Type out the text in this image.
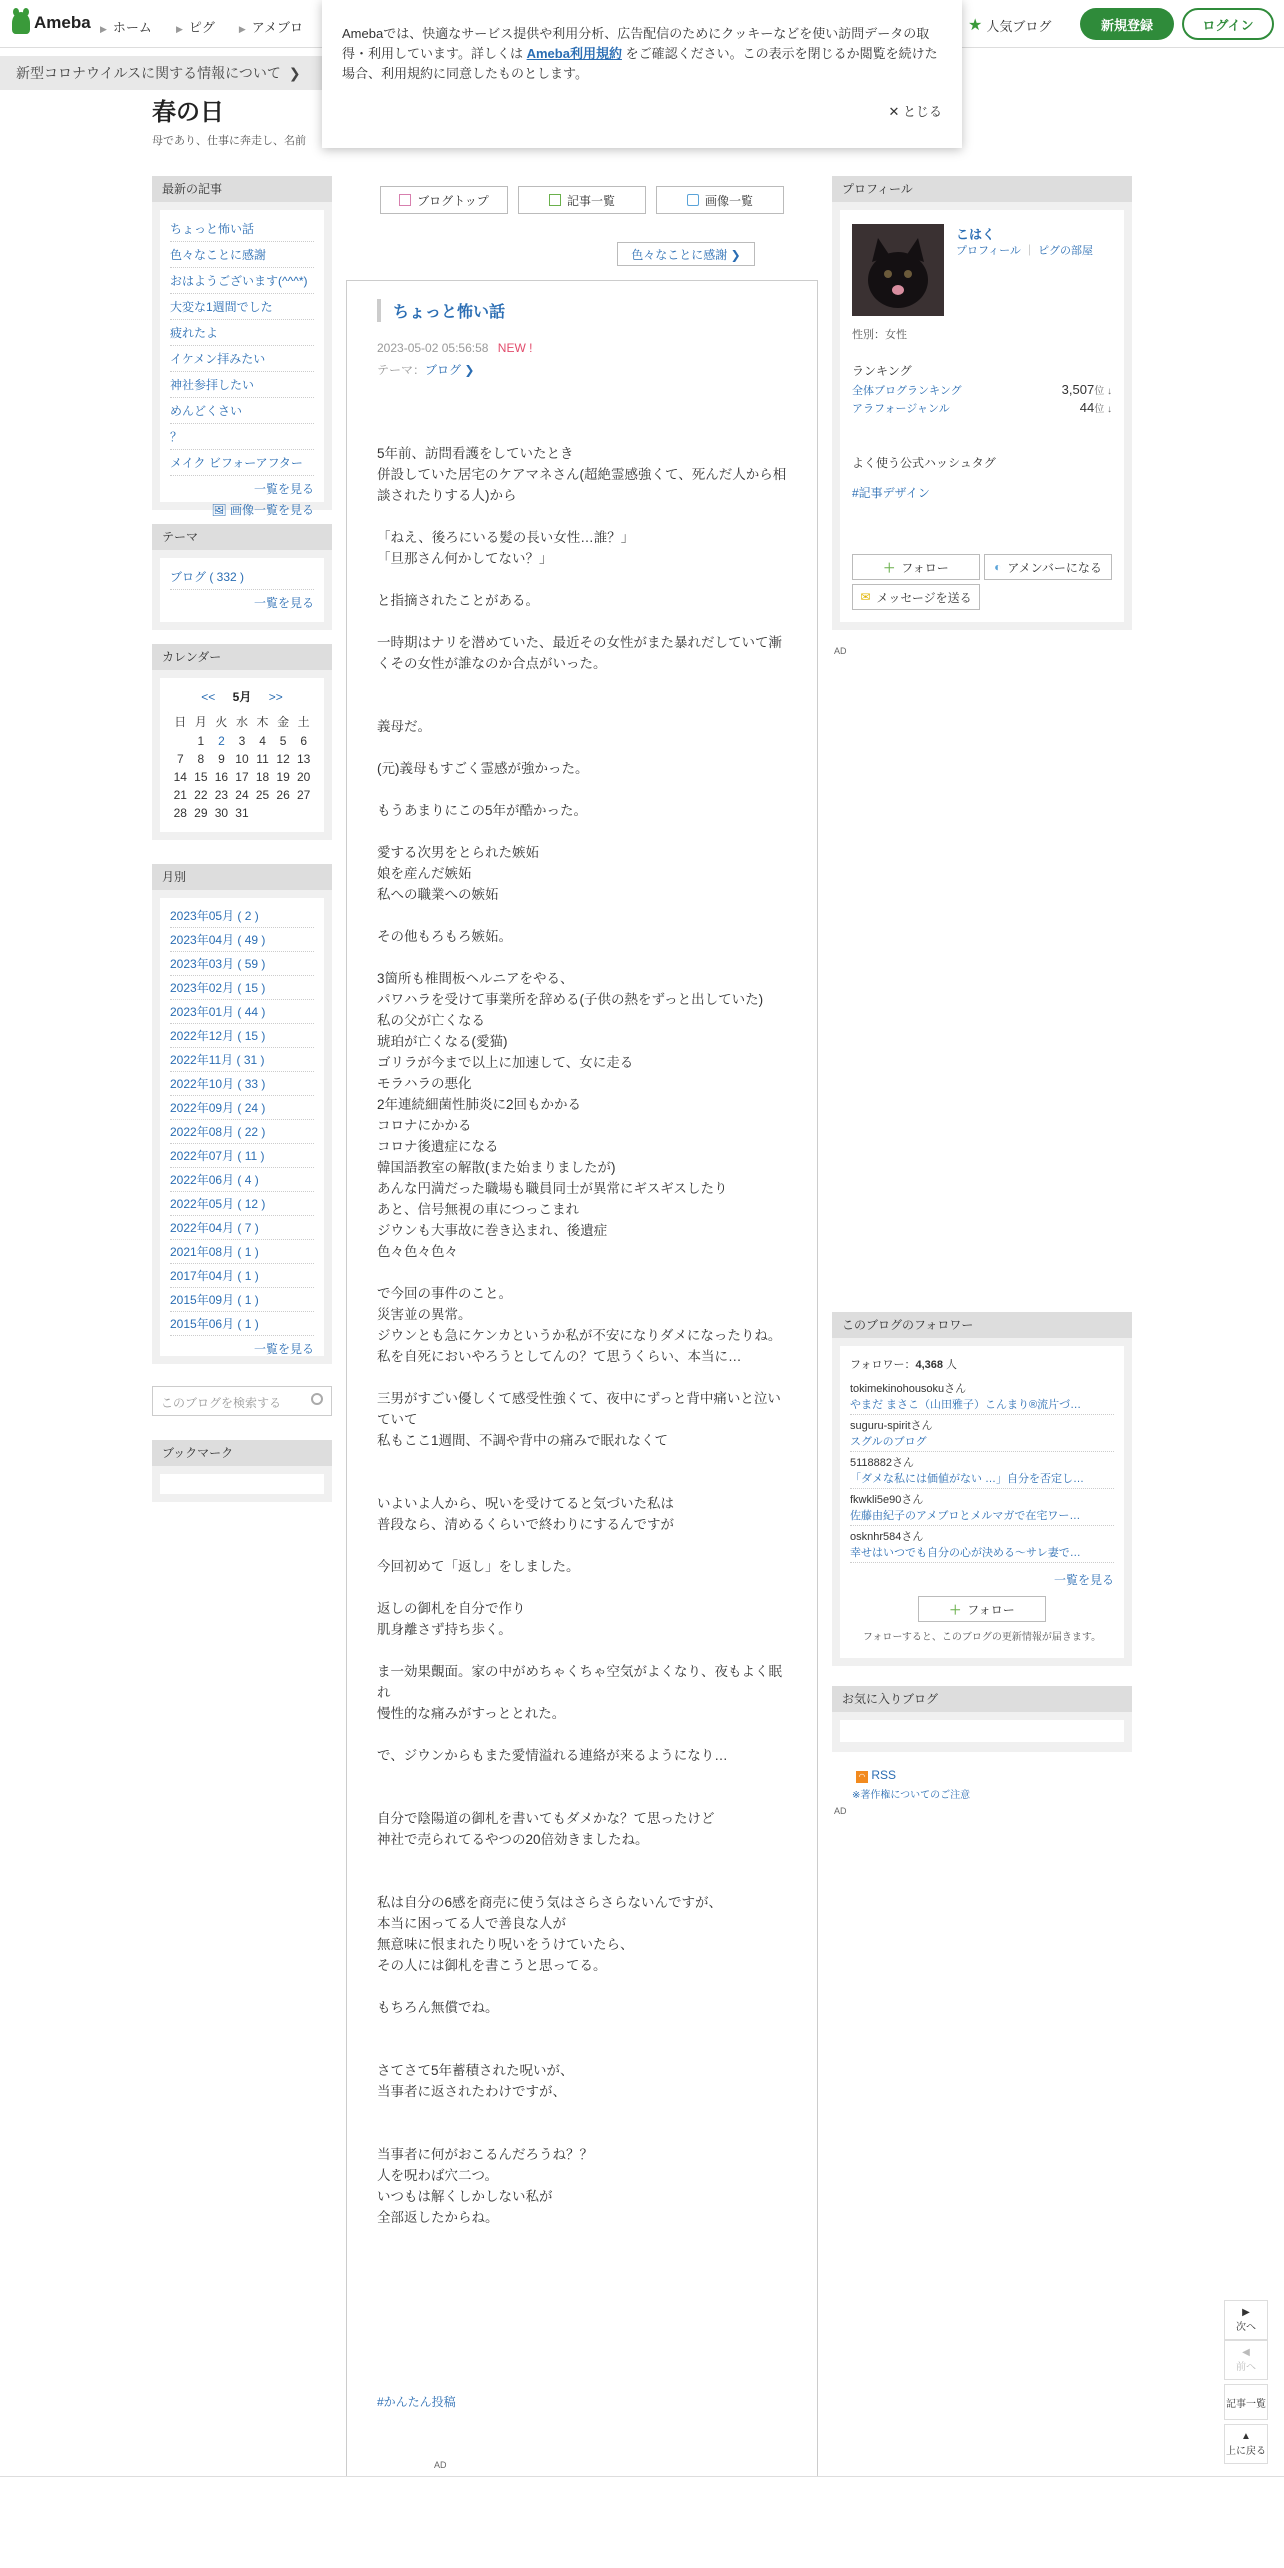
Ameba ▶ ホーム	▶ ピグ	▶ アメブロ	★ 人気ブログ	新規登録	ログイン
新型コロナウイルスに関する情報について ❯
Amebaでは、快適なサービス提供や利用分析、広告配信のためにクッキーなどを使い訪問データの取得・利用しています。詳しくは Ameba利用規約 をご確認ください。この表示を閉じるか閲覧を続けた場合、利用規約に同意したものとします。
✕ とじる
春の日
母であり、仕事に奔走し、名前
最新の記事
ちょっと怖い話
色々なことに感謝
おはようございます(^^^*)
大変な1週間でした
疲れたよ
イケメン拝みたい
神社参拝したい
めんどくさい
？
メイク ビフォーアフター
一覧を見る
🖼 画像一覧を見る
テーマ
ブログ ( 332 )
一覧を見る
カレンダー
<< 5月 >>
日	月	火	水	木	金	土
	1	2	3	4	5	6
7	8	9	10	11	12	13
14	15	16	17	18	19	20
21	22	23	24	25	26	27
28	29	30	31			
月別
2023年05月 ( 2 )
2023年04月 ( 49 )
2023年03月 ( 59 )
2023年02月 ( 15 )
2023年01月 ( 44 )
2022年12月 ( 15 )
2022年11月 ( 31 )
2022年10月 ( 33 )
2022年09月 ( 24 )
2022年08月 ( 22 )
2022年07月 ( 11 )
2022年06月 ( 4 )
2022年05月 ( 12 )
2022年04月 ( 7 )
2021年08月 ( 1 )
2017年04月 ( 1 )
2015年09月 ( 1 )
2015年06月 ( 1 )
一覧を見る
このブログを検索する
ブックマーク
ブログトップ	記事一覧	画像一覧
色々なことに感謝 ❯
ちょっと怖い話
2023-05-02 05:56:58 NEW !
テーマ：ブログ ❯
5年前、訪問看護をしていたとき
併設していた居宅のケアマネさん(超絶霊感強くて、死んだ人から相談されたりする人)から

「ねえ、後ろにいる髪の長い女性…誰？」
「旦那さん何かしてない？」

と指摘されたことがある。

一時期はナリを潜めていた、最近その女性がまた暴れだしていて漸くその女性が誰なのか合点がいった。

義母だ。

(元)義母もすごく霊感が強かった。

もうあまりにこの5年が酷かった。

愛する次男をとられた嫉妬
娘を産んだ嫉妬
私への職業への嫉妬

その他もろもろ嫉妬。

3箇所も椎間板ヘルニアをやる、
パワハラを受けて事業所を辞める(子供の熱をずっと出していた)
私の父が亡くなる
琥珀が亡くなる(愛猫)
ゴリラが今まで以上に加速して、女に走る
モラハラの悪化
2年連続細菌性肺炎に2回もかかる
コロナにかかる
コロナ後遺症になる
韓国語教室の解散(また始まりましたが)
あんな円満だった職場も職員同士が異常にギスギスしたり
あと、信号無視の車につっこまれ
ジウンも大事故に巻き込まれ、後遺症
色々色々色々

で今回の事件のこと。
災害並の異常。
ジウンとも急にケンカというか私が不安になりダメになったりね。
私を自死においやろうとしてんの？て思うくらい、本当に…

三男がすごい優しくて感受性強くて、夜中にずっと背中痛いと泣いていて
私もここ1週間、不調や背中の痛みで眠れなくて

いよいよ人から、呪いを受けてると気づいた私は
普段なら、清めるくらいで終わりにするんですが

今回初めて「返し」をしました。

返しの御札を自分で作り
肌身離さず持ち歩く。

ま一効果覿面。家の中がめちゃくちゃ空気がよくなり、夜もよく眠れ
慢性的な痛みがすっととれた。

で、ジウンからもまた愛情溢れる連絡が来るようになり…

自分で陰陽道の御札を書いてもダメかな？て思ったけど
神社で売られてるやつの20倍効きましたね。

私は自分の6感を商売に使う気はさらさらないんですが、
本当に困ってる人で善良な人が
無意味に恨まれたり呪いをうけていたら、
その人には御札を書こうと思ってる。

もちろん無償でね。

さてさて5年蓄積された呪いが、
当事者に返されたわけですが、

当事者に何がおこるんだろうね？？
人を呪わば穴二つ。
いつもは解くしかしない私が
全部返したからね。
#かんたん投稿
AD
プロフィール
こはく
プロフィール ｜ ピグの部屋
性別：女性
ランキング
全体ブログランキング	3,507位 ↓
アラフォージャンル	44位 ↓
よく使う公式ハッシュタグ
#記事デザイン
＋ フォロー	◐ アメンバーになる
✉ メッセージを送る
AD
このブログのフォロワー
フォロワー：4,368 人
tokimekinohousokuさん
やまだ まさこ（山田雅子）こんまり®流片づ…
suguru-spiritさん
スグルのブログ
5118882さん
「ダメな私には価値がない …」自分を否定し…
fkwkli5e90さん
佐藤由紀子のアメブロとメルマガで在宅ワー…
osknhr584さん
幸せはいつでも自分の心が決める〜サレ妻で…
一覧を見る
＋ フォロー
フォローすると、このブログの更新情報が届きます。
お気に入りブログ
◠ RSS
※著作権についてのご注意
AD
▶
次へ
◀
前へ
記事一覧
▲
上に戻る
